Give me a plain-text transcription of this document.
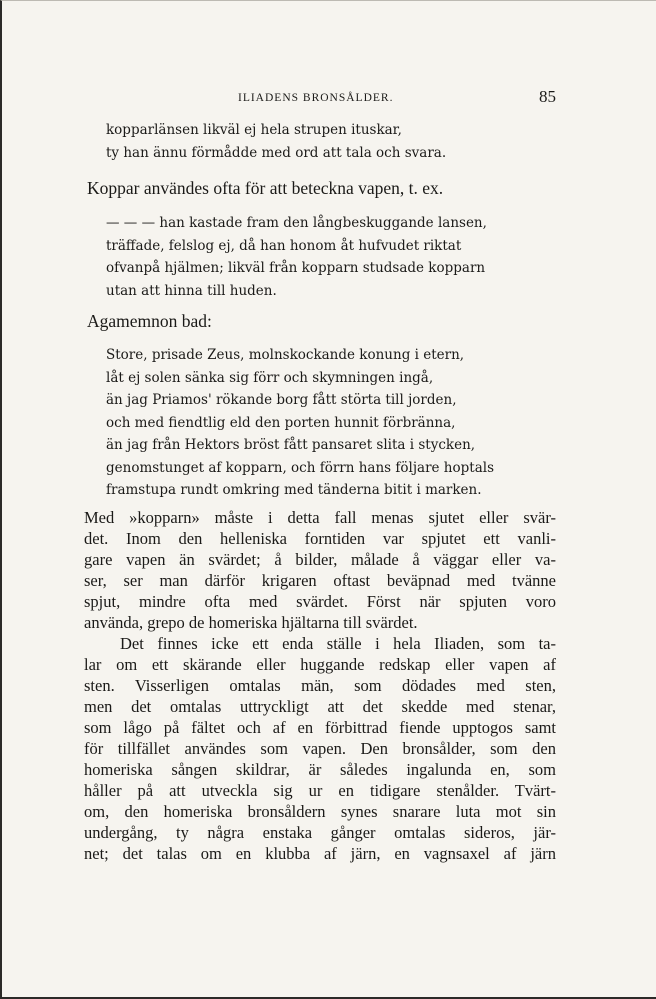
ILIADENS BRONSÅLDER.	85
kopparlänsen likväl ej hela strupen ituskar,
ty han ännu förmådde med ord att tala och svara.
Koppar användes ofta för att beteckna vapen, t. ex.
— — — han kastade fram den långbeskuggande lansen,
träffade, felslog ej, då han honom åt hufvudet riktat
ofvanpå hjälmen; likväl från kopparn studsade kopparn
utan att hinna till huden.
Agamemnon bad:
Store, prisade Zeus, molnskockande konung i etern,
låt ej solen sänka sig förr och skymningen ingå,
än jag Priamos' rökande borg fått störta till jorden,
och med fiendtlig eld den porten hunnit förbränna,
än jag från Hektors bröst fått pansaret slita i stycken,
genomstunget af kopparn, och förrn hans följare hoptals
framstupa rundt omkring med tänderna bitit i marken.
Med »kopparn» måste i detta fall menas sjutet eller svär-
det. Inom den helleniska forntiden var spjutet ett vanli-
gare vapen än svärdet; å bilder, målade å väggar eller va-
ser, ser man därför krigaren oftast beväpnad med tvänne
spjut, mindre ofta med svärdet. Först när spjuten voro
använda, grepo de homeriska hjältarna till svärdet.
Det finnes icke ett enda ställe i hela Iliaden, som ta-
lar om ett skärande eller huggande redskap eller vapen af
sten. Visserligen omtalas män, som dödades med sten,
men det omtalas uttryckligt att det skedde med stenar,
som lågo på fältet och af en förbittrad fiende upptogos samt
för tillfället användes som vapen. Den bronsålder, som den
homeriska sången skildrar, är således ingalunda en, som
håller på att utveckla sig ur en tidigare stenålder. Tvärt-
om, den homeriska bronsåldern synes snarare luta mot sin
undergång, ty några enstaka gånger omtalas sideros, jär-
net; det talas om en klubba af järn, en vagnsaxel af järn
